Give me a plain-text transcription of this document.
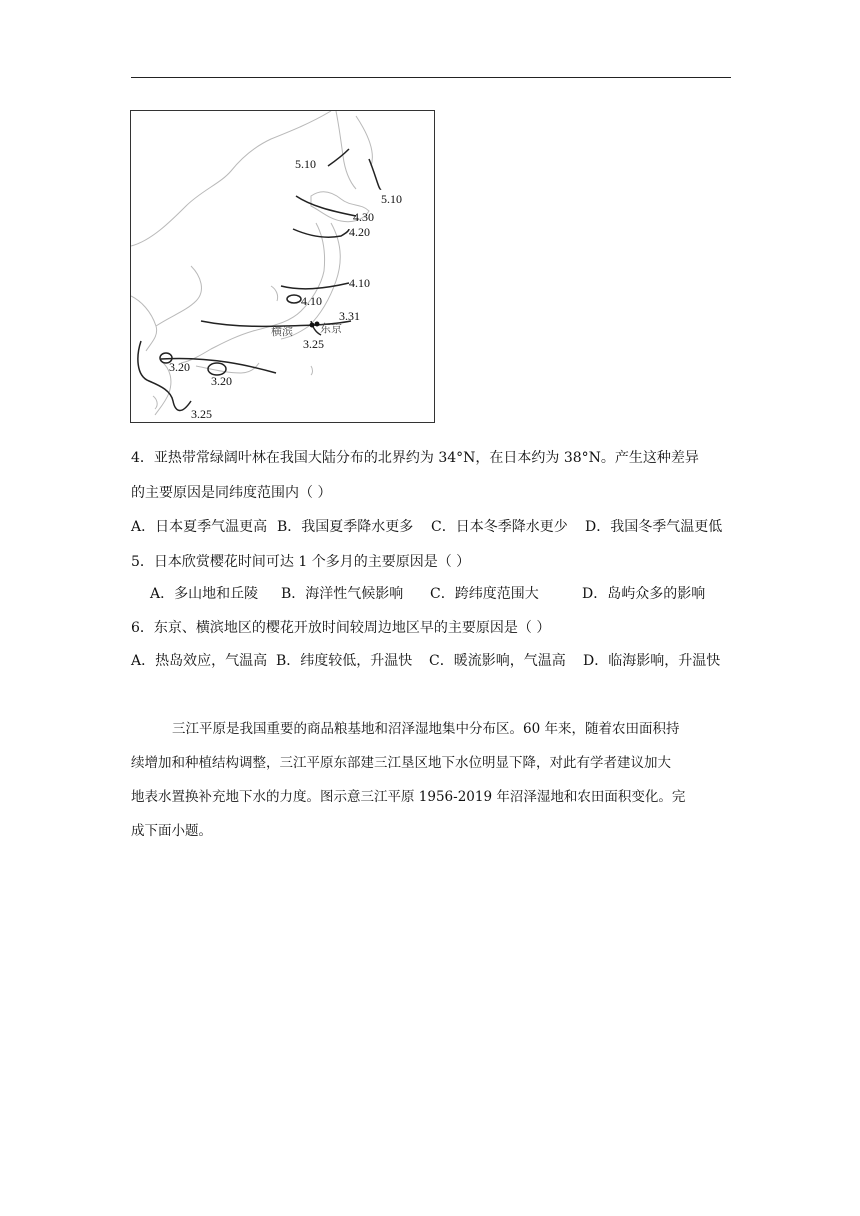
5.10
5.10
4.30
4.20
4.10
4.10
3.31
3.25
3.20
3.20
3.25
横滨 东京
4．亚热带常绿阔叶林在我国大陆分布的北界约为 34°N，在日本约为 38°N。产生这种差异
的主要原因是同纬度范围内（ ）
A．日本夏季气温更高 B．我国夏季降水更多 C．日本冬季降水更少 D．我国冬季气温更低
5．日本欣赏樱花时间可达 1 个多月的主要原因是（ ）
A．多山地和丘陵 B．海洋性气候影响 C．跨纬度范围大	D．岛屿众多的影响
6．东京、横滨地区的樱花开放时间较周边地区早的主要原因是（ ）
A．热岛效应，气温高 B．纬度较低，升温快 C．暖流影响，气温高 D．临海影响，升温快
三江平原是我国重要的商品粮基地和沼泽湿地集中分布区。60 年来，随着农田面积持
续增加和种植结构调整，三江平原东部建三江垦区地下水位明显下降，对此有学者建议加大
地表水置换补充地下水的力度。图示意三江平原 1956-2019 年沼泽湿地和农田面积变化。完
成下面小题。
